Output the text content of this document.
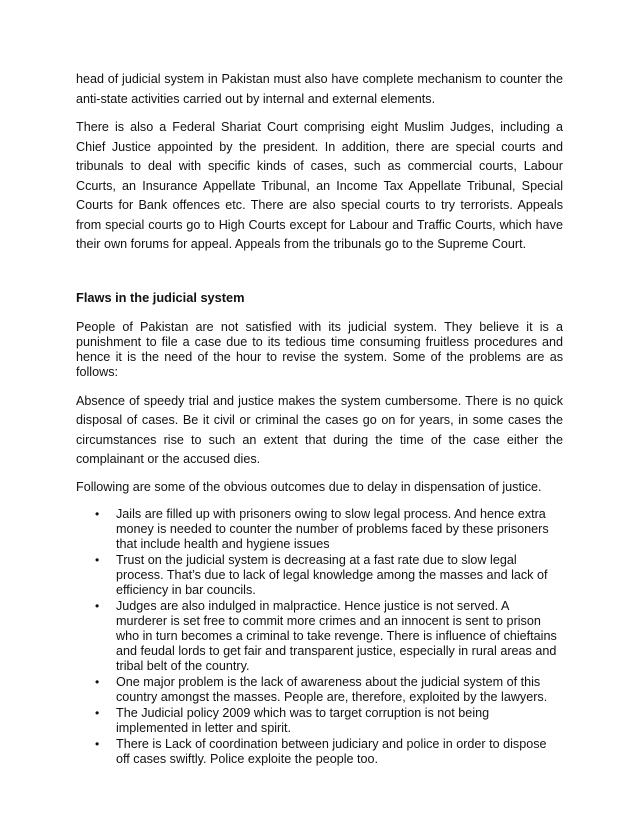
head of judicial system in Pakistan must also have complete mechanism to counter the anti-state activities carried out by internal and external elements.

There is also a Federal Shariat Court comprising eight Muslim Judges, including a Chief Justice appointed by the president. In addition, there are special courts and tribunals to deal with specific kinds of cases, such as commercial courts, Labour Ccurts, an Insurance Appellate Tribunal, an Income Tax Appellate Tribunal, Special Courts for Bank offences etc. There are also special courts to try terrorists. Appeals from special courts go to High Courts except for Labour and Traffic Courts, which have their own forums for appeal. Appeals from the tribunals go to the Supreme Court.

Flaws in the judicial system

People of Pakistan are not satisfied with its judicial system. They believe it is a punishment to file a case due to its tedious time consuming fruitless procedures and hence it is the need of the hour to revise the system. Some of the problems are as follows:

Absence of speedy trial and justice makes the system cumbersome. There is no quick disposal of cases. Be it civil or criminal the cases go on for years, in some cases the circumstances rise to such an extent that during the time of the case either the complainant or the accused dies.

Following are some of the obvious outcomes due to delay in dispensation of justice.

• Jails are filled up with prisoners owing to slow legal process. And hence extra money is needed to counter the number of problems faced by these prisoners that include health and hygiene issues
• Trust on the judicial system is decreasing at a fast rate due to slow legal process. That’s due to lack of legal knowledge among the masses and lack of efficiency in bar councils.
• Judges are also indulged in malpractice. Hence justice is not served. A murderer is set free to commit more crimes and an innocent is sent to prison who in turn becomes a criminal to take revenge. There is influence of chieftains and feudal lords to get fair and transparent justice, especially in rural areas and tribal belt of the country.
• One major problem is the lack of awareness about the judicial system of this country amongst the masses. People are, therefore, exploited by the lawyers.
• The Judicial policy 2009 which was to target corruption is not being implemented in letter and spirit.
• There is Lack of coordination between judiciary and police in order to dispose off cases swiftly. Police exploite the people too.
